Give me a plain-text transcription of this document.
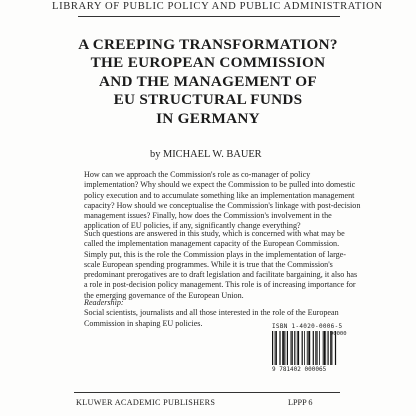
LIBRARY OF PUBLIC POLICY AND PUBLIC ADMINISTRATION
A CREEPING TRANSFORMATION?
THE EUROPEAN COMMISSION
AND THE MANAGEMENT OF
EU STRUCTURAL FUNDS
IN GERMANY
by MICHAEL W. BAUER
How can we approach the Commission's role as co-manager of policy
implementation? Why should we expect the Commission to be pulled into domestic
policy execution and to accumulate something like an implementation management
capacity? How should we conceptualise the Commission's linkage with post-decision
management issues? Finally, how does the Commission's involvement in the
application of EU policies, if any, significantly change everything?
Such questions are answered in this study, which is concerned with what may be
called the implementation management capacity of the European Commission.
Simply put, this is the role the Commission plays in the implementation of large-
scale European spending programmes. While it is true that the Commission's
predominant prerogatives are to draft legislation and facilitate bargaining, it also has
a role in post-decision policy management. This role is of increasing importance for
the emerging governance of the European Union.
Readership:
Social scientists, journalists and all those interested in the role of the European
Commission in shaping EU policies.	ISBN 1-4020-0006-5
90000
9 781402 000065
KLUWER ACADEMIC PUBLISHERS	LPPP 6
